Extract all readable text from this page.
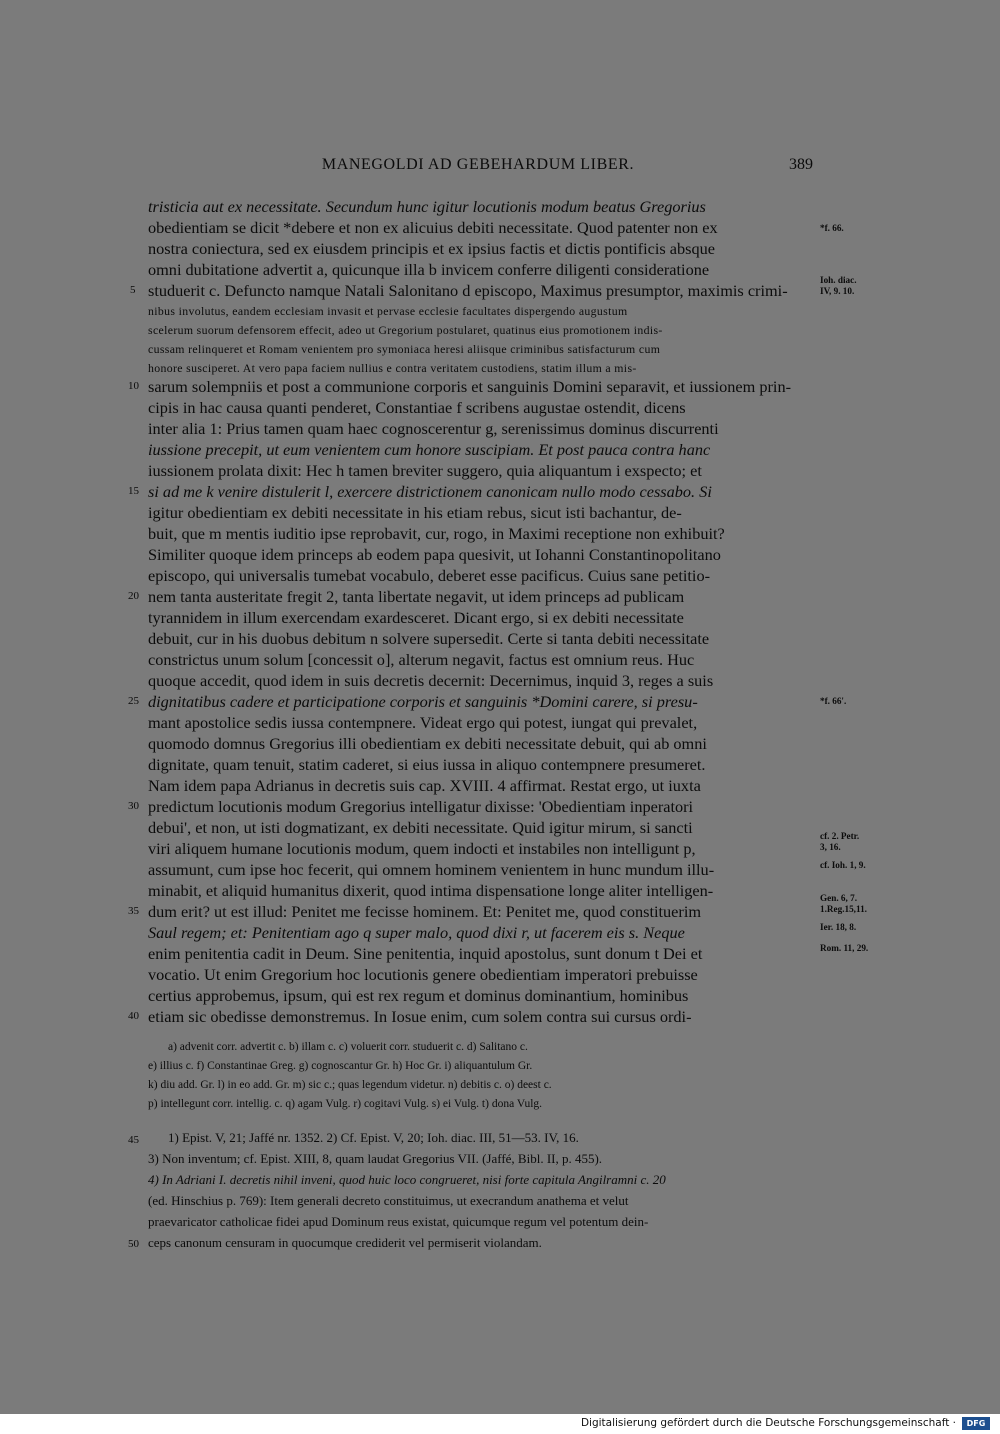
MANEGOLDI AD GEBEHARDUM LIBER.	389
tristicia aut ex necessitate. Secundum hunc igitur locutionis modum beatus Gregorius
obedientiam se dicit *debere et non ex alicuius debiti necessitate. Quod patenter non ex
nostra coniectura, sed ex eiusdem principis et ex ipsius factis et dictis pontificis absque
omni dubitatione advertit a, quicunque illa b invicem conferre diligenti consideratione
studuerit c. Defuncto namque Natali Salonitano d episcopo, Maximus presumptor, maximis crimi-
nibus involutus, eandem ecclesiam invasit et pervase ecclesie facultates dispergendo augustum
scelerum suorum defensorem effecit, adeo ut Gregorium postularet, quatinus eius promotionem indis-
cussam relinqueret et Romam venientem pro symoniaca heresi aliisque criminibus satisfacturum cum
honore susciperet. At vero papa faciem nullius e contra veritatem custodiens, statim illum a mis-
sarum solempniis et post a communione corporis et sanguinis Domini separavit, et iussionem prin-
cipis in hac causa quanti penderet, Constantiae f scribens augustae ostendit, dicens
inter alia 1: Prius tamen quam haec cognoscerentur g, serenissimus dominus discurrenti
iussione precepit, ut eum venientem cum honore suscipiam. Et post pauca contra hanc
iussionem prolata dixit: Hec h tamen breviter suggero, quia aliquantum i exspecto; et
si ad me k venire distulerit l, exercere districtionem canonicam nullo modo cessabo. Si
igitur obedientiam ex debiti necessitate in his etiam rebus, sicut isti bachantur, de-
buit, que m mentis iuditio ipse reprobavit, cur, rogo, in Maximi receptione non exhibuit?
Similiter quoque idem princeps ab eodem papa quesivit, ut Iohanni Constantinopolitano
episcopo, qui universalis tumebat vocabulo, deberet esse pacificus. Cuius sane petitio-
nem tanta austeritate fregit 2, tanta libertate negavit, ut idem princeps ad publicam
tyrannidem in illum exercendam exardesceret. Dicant ergo, si ex debiti necessitate
debuit, cur in his duobus debitum n solvere supersedit. Certe si tanta debiti necessitate
constrictus unum solum [concessit o], alterum negavit, factus est omnium reus. Huc
quoque accedit, quod idem in suis decretis decernit: Decernimus, inquid 3, reges a suis
dignitatibus cadere et participatione corporis et sanguinis *Domini carere, si presu-
mant apostolice sedis iussa contempnere. Videat ergo qui potest, iungat qui prevalet,
quomodo domnus Gregorius illi obedientiam ex debiti necessitate debuit, qui ab omni
dignitate, quam tenuit, statim caderet, si eius iussa in aliquo contempnere presumeret.
Nam idem papa Adrianus in decretis suis cap. XVIII. 4 affirmat. Restat ergo, ut iuxta
predictum locutionis modum Gregorius intelligatur dixisse: 'Obedientiam inperatori
debui', et non, ut isti dogmatizant, ex debiti necessitate. Quid igitur mirum, si sancti
viri aliquem humane locutionis modum, quem indocti et instabiles non intelligunt p,
assumunt, cum ipse hoc fecerit, qui omnem hominem venientem in hunc mundum illu-
minabit, et aliquid humanitus dixerit, quod intima dispensatione longe aliter intelligen-
dum erit? ut est illud: Penitet me fecisse hominem. Et: Penitet me, quod constituerim
Saul regem; et: Penitentiam ago q super malo, quod dixi r, ut facerem eis s. Neque
enim penitentia cadit in Deum. Sine penitentia, inquid apostolus, sunt donum t Dei et
vocatio. Ut enim Gregorium hoc locutionis genere obedientiam imperatori prebuisse
certius approbemus, ipsum, qui est rex regum et dominus dominantium, hominibus
etiam sic obedisse demonstremus. In Iosue enim, cum solem contra sui cursus ordi-
5
10
15
20
25
30
35
40
45
50
*f. 66.
Ioh. diac.
IV, 9. 10.
*f. 66'.
cf. 2. Petr.
3, 16.
cf. Ioh. 1, 9.
Gen. 6, 7.
1.Reg.15,11.
Ier. 18, 8.
Rom. 11, 29.
a) advenit corr. advertit c. b) illam c. c) voluerit corr. studuerit c. d) Salitano c.
e) illius c. f) Constantinae Greg. g) cognoscantur Gr. h) Hoc Gr. i) aliquantulum Gr.
k) diu add. Gr. l) in eo add. Gr. m) sic c.; quas legendum videtur. n) debitis c. o) deest c.
p) intellegunt corr. intellig. c. q) agam Vulg. r) cogitavi Vulg. s) ei Vulg. t) dona Vulg.
1) Epist. V, 21; Jaffé nr. 1352. 2) Cf. Epist. V, 20; Ioh. diac. III, 51—53. IV, 16.
3) Non inventum; cf. Epist. XIII, 8, quam laudat Gregorius VII. (Jaffé, Bibl. II, p. 455).
4) In Adriani I. decretis nihil inveni, quod huic loco congrueret, nisi forte capitula Angilramni c. 20
(ed. Hinschius p. 769): Item generali decreto constituimus, ut execrandum anathema et velut
praevaricator catholicae fidei apud Dominum reus existat, quicumque regum vel potentum dein-
ceps canonum censuram in quocumque crediderit vel permiserit violandam.
Digitalisierung gefördert durch die Deutsche Forschungsgemeinschaft ·	DFG
